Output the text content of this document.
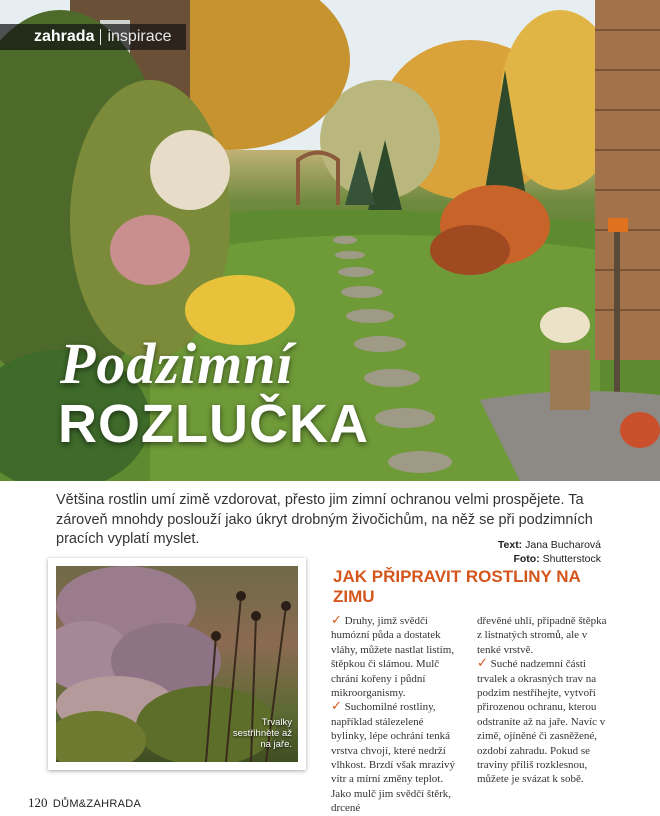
zahrada inspirace
Podzimní
ROZLUČKA

Většina rostlin umí zimě vzdorovat, přesto jim zimní ochranou velmi prospějete. Ta zároveň mnohdy poslouží jako úkryt drobným živočichům, na něž se při podzimních pracích vyplatí myslet.	Text: Jana Bucharová
Foto: Shutterstock
Trvalky sestřihněte až na jaře.
JAK PŘIPRAVIT ROSTLINY NA ZIMU
✓ Druhy, jimž svědčí humózní půda a dostatek vláhy, můžete nastlat listím, štěpkou či slámou. Mulč chrání kořeny i půdní mikroorganismy.
✓ Suchomilné rostliny, například stálezelené bylinky, lépe ochrání tenká vrstva chvojí, které nedrží vlhkost. Brzdí však mrazivý vítr a mírní změny teplot. Jako mulč jim svědčí štěrk, drcené
dřevěné uhlí, případně štěpka z listnatých stromů, ale v tenké vrstvě.
✓ Suché nadzemní části trvalek a okrasných trav na podzim nestříhejte, vytvoří přirozenou ochranu, kterou odstraníte až na jaře. Navíc v zimě, ojíněné či zasněžené, ozdobí zahradu. Pokud se traviny příliš rozklesnou, můžete je svázat k sobě.
120 DŮM&ZAHRADA
